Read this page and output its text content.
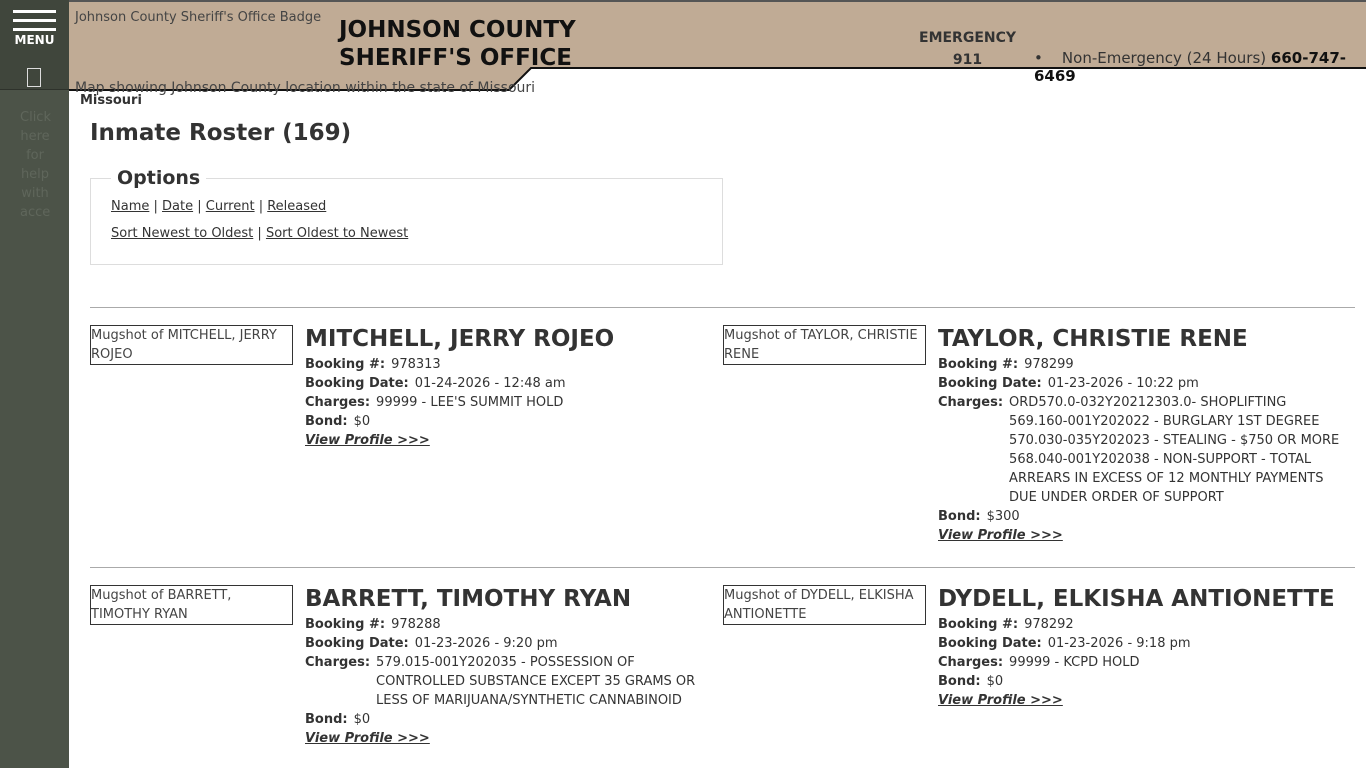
MENU
Click here for help with acce
Johnson County Sheriff's Office Badge JOHNSON COUNTY
SHERIFF'S OFFICE
EMERGENCY
911	•    Non-Emergency (24 Hours) 660-747-6469
Map showing Johnson County location within the state of Missouri
Missouri
Inmate Roster (169)
Options
Name | Date | Current | Released
Sort Newest to Oldest | Sort Oldest to Newest
Mugshot of MITCHELL, JERRY ROJEO
MITCHELL, JERRY ROJEO
Booking #: 978313
Booking Date: 01-24-2026 - 12:48 am
Charges: 99999 - LEE'S SUMMIT HOLD
Bond: $0
View Profile >>>
Mugshot of TAYLOR, CHRISTIE RENE
TAYLOR, CHRISTIE RENE
Booking #: 978299
Booking Date: 01-23-2026 - 10:22 pm
Charges: ORD570.0-032Y20212303.0- SHOPLIFTING
569.160-001Y202022 - BURGLARY 1ST DEGREE
570.030-035Y202023 - STEALING - $750 OR MORE
568.040-001Y202038 - NON-SUPPORT - TOTAL ARREARS IN EXCESS OF 12 MONTHLY PAYMENTS DUE UNDER ORDER OF SUPPORT
Bond: $300
View Profile >>>
Mugshot of BARRETT, TIMOTHY RYAN
BARRETT, TIMOTHY RYAN
Booking #: 978288
Booking Date: 01-23-2026 - 9:20 pm
Charges: 579.015-001Y202035 - POSSESSION OF CONTROLLED SUBSTANCE EXCEPT 35 GRAMS OR LESS OF MARIJUANA/SYNTHETIC CANNABINOID
Bond: $0
View Profile >>>
Mugshot of DYDELL, ELKISHA ANTIONETTE
DYDELL, ELKISHA ANTIONETTE
Booking #: 978292
Booking Date: 01-23-2026 - 9:18 pm
Charges: 99999 - KCPD HOLD
Bond: $0
View Profile >>>
